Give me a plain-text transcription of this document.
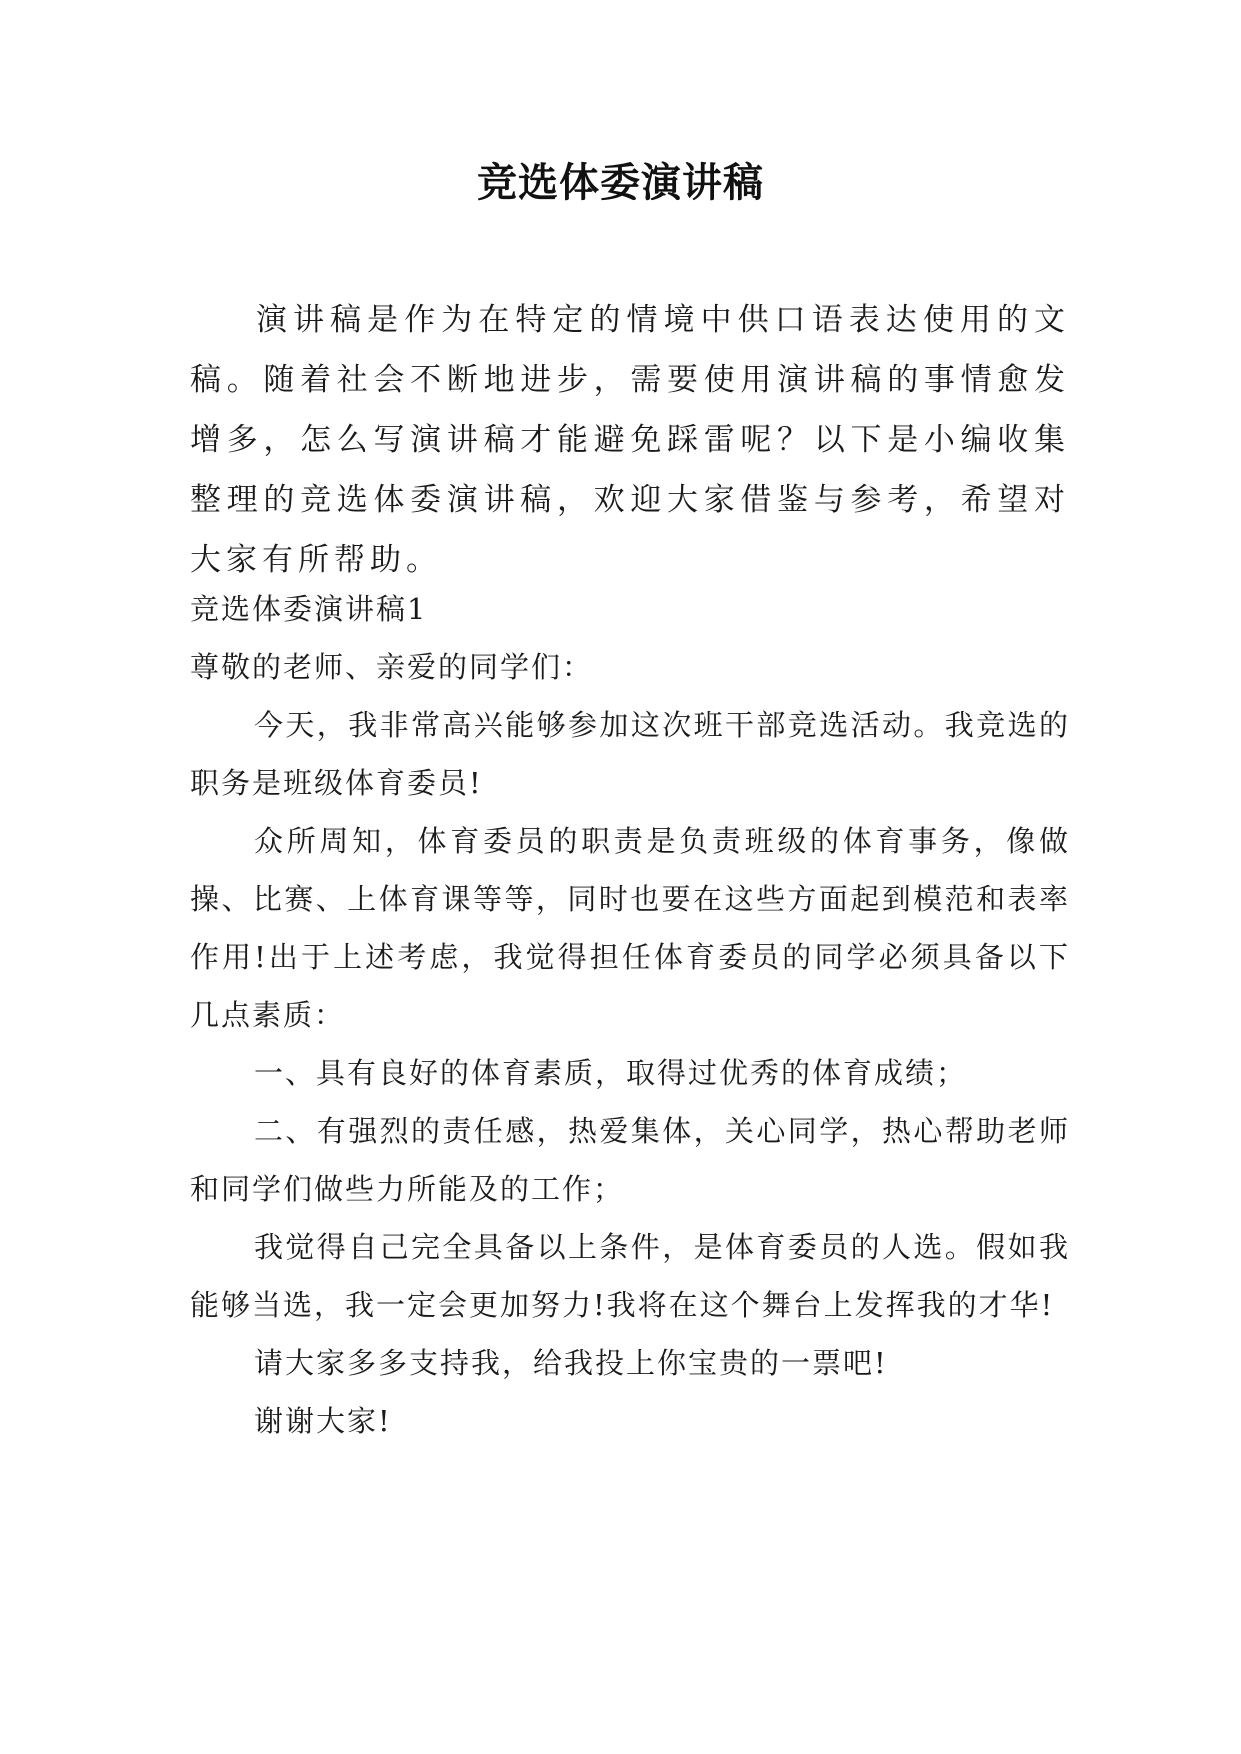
竞选体委演讲稿

演讲稿是作为在特定的情境中供口语表达使用的文稿。随着社会不断地进步，需要使用演讲稿的事情愈发增多，怎么写演讲稿才能避免踩雷呢？以下是小编收集整理的竞选体委演讲稿，欢迎大家借鉴与参考，希望对大家有所帮助。

竞选体委演讲稿1

尊敬的老师、亲爱的同学们：

今天，我非常高兴能够参加这次班干部竞选活动。我竞选的职务是班级体育委员!

众所周知，体育委员的职责是负责班级的体育事务，像做操、比赛、上体育课等等，同时也要在这些方面起到模范和表率作用!出于上述考虑，我觉得担任体育委员的同学必须具备以下几点素质：

一、具有良好的体育素质，取得过优秀的体育成绩；

二、有强烈的责任感，热爱集体，关心同学，热心帮助老师和同学们做些力所能及的工作；

我觉得自己完全具备以上条件，是体育委员的人选。假如我能够当选，我一定会更加努力!我将在这个舞台上发挥我的才华!

请大家多多支持我，给我投上你宝贵的一票吧!

谢谢大家!
